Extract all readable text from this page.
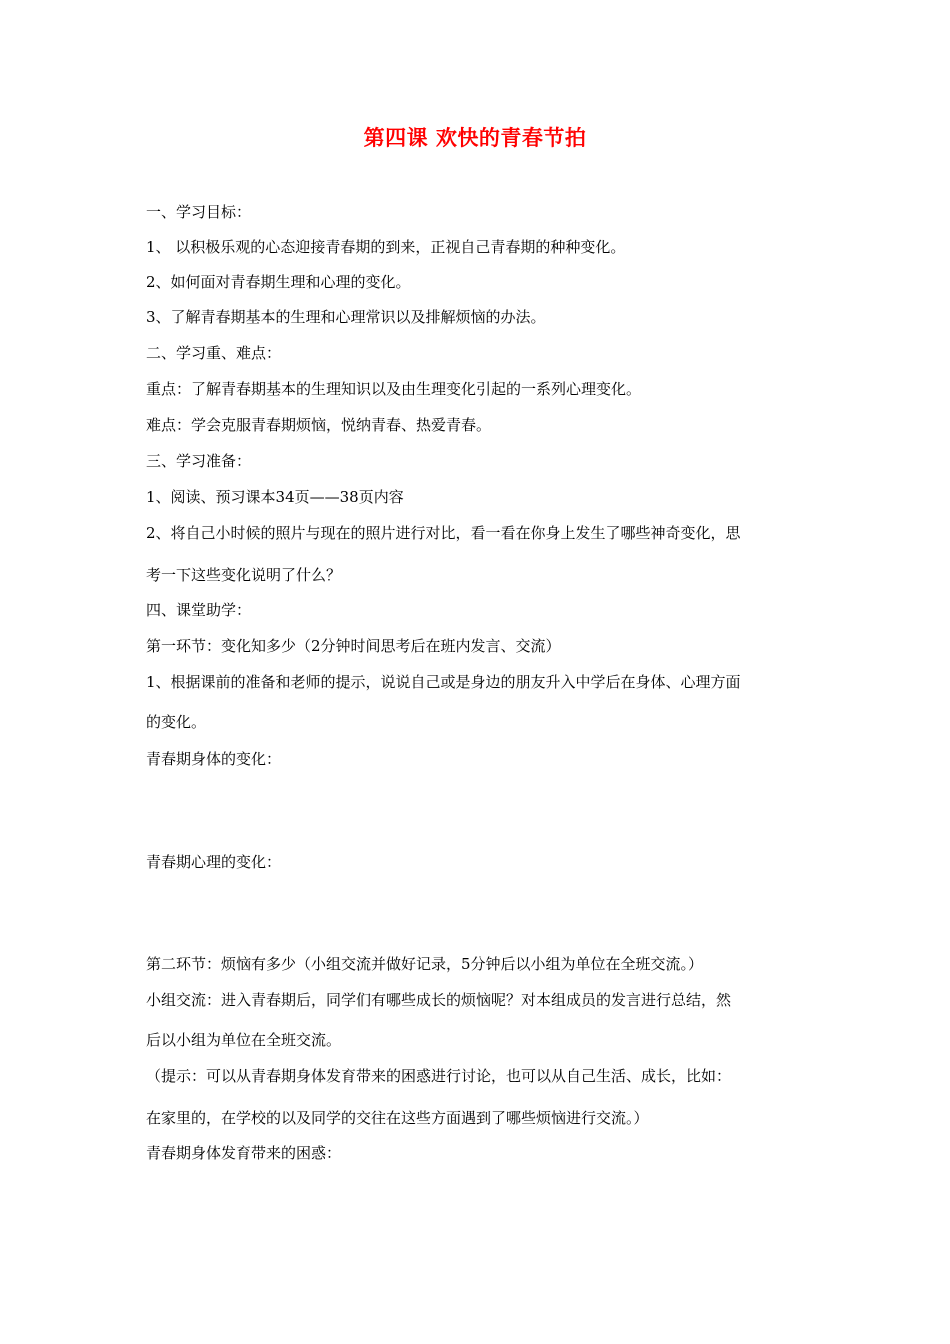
第四课 欢快的青春节拍
一、学习目标：
1、 以积极乐观的心态迎接青春期的到来，正视自己青春期的种种变化。
2、如何面对青春期生理和心理的变化。
3、了解青春期基本的生理和心理常识以及排解烦恼的办法。
二、学习重、难点：
重点：了解青春期基本的生理知识以及由生理变化引起的一系列心理变化。
难点：学会克服青春期烦恼，悦纳青春、热爱青春。
三、学习准备：
1、阅读、预习课本34页——38页内容
2、将自己小时候的照片与现在的照片进行对比，看一看在你身上发生了哪些神奇变化，思
考一下这些变化说明了什么？
四、课堂助学：
第一环节：变化知多少（2分钟时间思考后在班内发言、交流）
1、根据课前的准备和老师的提示，说说自己或是身边的朋友升入中学后在身体、心理方面
的变化。
青春期身体的变化：
青春期心理的变化：
第二环节：烦恼有多少（小组交流并做好记录，5分钟后以小组为单位在全班交流。）
小组交流：进入青春期后，同学们有哪些成长的烦恼呢？对本组成员的发言进行总结，然
后以小组为单位在全班交流。
（提示：可以从青春期身体发育带来的困惑进行讨论，也可以从自己生活、成长，比如：
在家里的，在学校的以及同学的交往在这些方面遇到了哪些烦恼进行交流。）
青春期身体发育带来的困惑：
